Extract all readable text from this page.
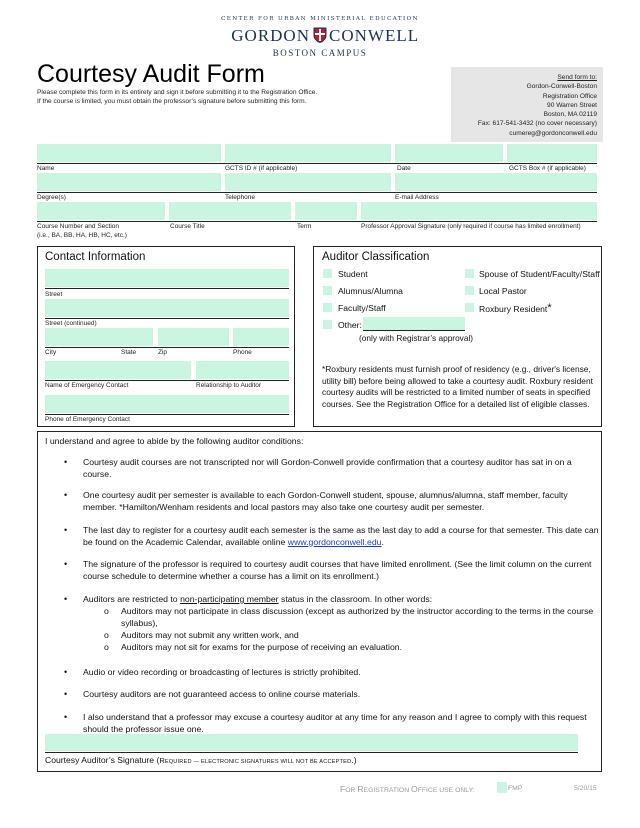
CENTER FOR URBAN MINISTERIAL EDUCATION
GORDON CONWELL
BOSTON CAMPUS
Courtesy Audit Form
Please complete this form in its entirety and sign it before submitting it to the Registration Office.
If the course is limited, you must obtain the professor’s signature before submitting this form.
Send form to:
Gordon-Conwell-Boston
Registration Office
90 Warren Street
Boston, MA 02119
Fax: 617-541-3432 (no cover necessary)
cumereg@gordonconwell.edu
Name	GCTS ID # (if applicable)	Date	GCTS Box # (if applicable)
Degree(s)	Telephone	E-mail Address
Course Number and Section
(i.e., BA, BB, HA, HB, HC, etc.)
Course Title	Term	Professor Approval Signature (only required if course has limited enrollment)
Contact Information
Street
Street (continued)
City	State	Zip	Phone
Name of Emergency Contact	Relationship to Auditor
Phone of Emergency Contact
Auditor Classification
Student
Alumnus/Alumna
Faculty/Staff
Other:
(only with Registrar’s approval)
Spouse of Student/Faculty/Staff
Local Pastor
Roxbury Resident*
*Roxbury residents must furnish proof of residency (e.g., driver's license, utility bill) before being allowed to take a courtesy audit. Roxbury resident courtesy audits will be restricted to a limited number of seats in specified courses. See the Registration Office for a detailed list of eligible classes.
I understand and agree to abide by the following auditor conditions:
• Courtesy audit courses are not transcripted nor will Gordon-Conwell provide confirmation that a courtesy auditor has sat in on a course.
• One courtesy audit per semester is available to each Gordon-Conwell student, spouse, alumnus/alumna, staff member, faculty member. *Hamilton/Wenham residents and local pastors may also take one courtesy audit per semester.
• The last day to register for a courtesy audit each semester is the same as the last day to add a course for that semester. This date can be found on the Academic Calendar, available online www.gordonconwell.edu.
• The signature of the professor is required to courtesy audit courses that have limited enrollment. (See the limit column on the current course schedule to determine whether a course has a limit on its enrollment.)
• Auditors are restricted to non-participating member status in the classroom. In other words:
o Auditors may not participate in class discussion (except as authorized by the instructor according to the terms in the course syllabus),
o Auditors may not submit any written work, and
o Auditors may not sit for exams for the purpose of receiving an evaluation.
• Audio or video recording or broadcasting of lectures is strictly prohibited.
• Courtesy auditors are not guaranteed access to online course materials.
• I also understand that a professor may excuse a courtesy auditor at any time for any reason and I agree to comply with this request should the professor issue one.
Courtesy Auditor’s Signature (REQUIRED — ELECTRONIC SIGNATURES WILL NOT BE ACCEPTED.)
FOR REGISTRATION OFFICE USE ONLY:	FMP	5/20/15
